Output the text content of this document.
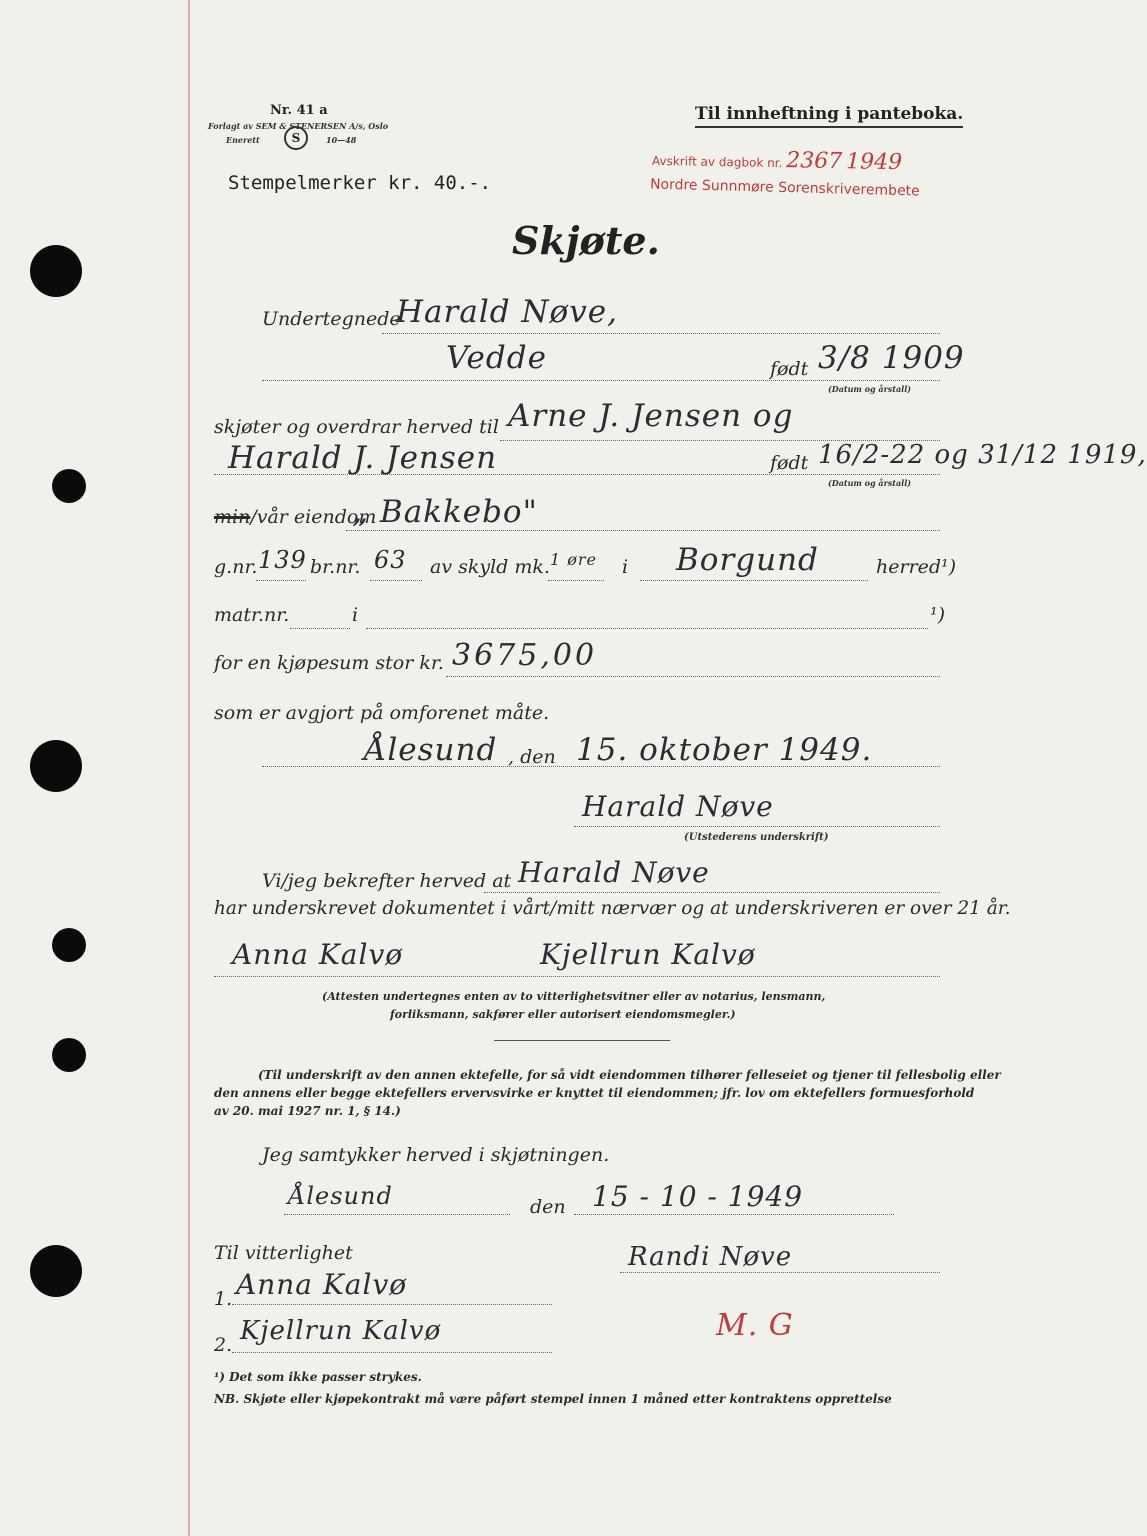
Nr. 41 a
Forlagt av SEM & STENERSEN A/s, Oslo
Enerett	S	10—48
Til innheftning i panteboka.
Avskrift av dagbok nr. 2367 1949
Nordre Sunnmøre Sorenskriverembete
Stempelmerker kr. 40.-.
Skjøte.
Undertegnede
Harald Nøve,
Vedde	født 3/8 1909
(Datum og årstall)
skjøter og overdrar herved til Arne J. Jensen og
Harald J. Jensen	født 16/2-22 og 31/12 1919,
(Datum og årstall)
min/vår eiendom
„ Bakkebo"
g.nr. 139 br.nr. 63 av skyld mk. 1 øre i Borgund	herred¹)
matr.nr.	i	¹)
for en kjøpesum stor kr. 3675,00
som er avgjort på omforenet måte.
Ålesund , den 15. oktober 1949.
Harald Nøve
(Utstederens underskrift)
Vi/jeg bekrefter herved at Harald Nøve
har underskrevet dokumentet i vårt/mitt nærvær og at underskriveren er over 21 år.
Anna Kalvø	Kjellrun Kalvø
(Attesten undertegnes enten av to vitterlighetsvitner eller av notarius, lensmann,
forliksmann, sakfører eller autorisert eiendomsmegler.)
(Til underskrift av den annen ektefelle, for så vidt eiendommen tilhører felleseiet og tjener til fellesbolig eller
den annens eller begge ektefellers ervervsvirke er knyttet til eiendommen; jfr. lov om ektefellers formuesforhold
av 20. mai 1927 nr. 1, § 14.)
Jeg samtykker herved i skjøtningen.
Ålesund	den 15 - 10 - 1949
Til vitterlighet	Randi Nøve
1. Anna Kalvø
2. Kjellrun Kalvø	M. G
¹) Det som ikke passer strykes.
NB. Skjøte eller kjøpekontrakt må være påført stempel innen 1 måned etter kontraktens opprettelse
